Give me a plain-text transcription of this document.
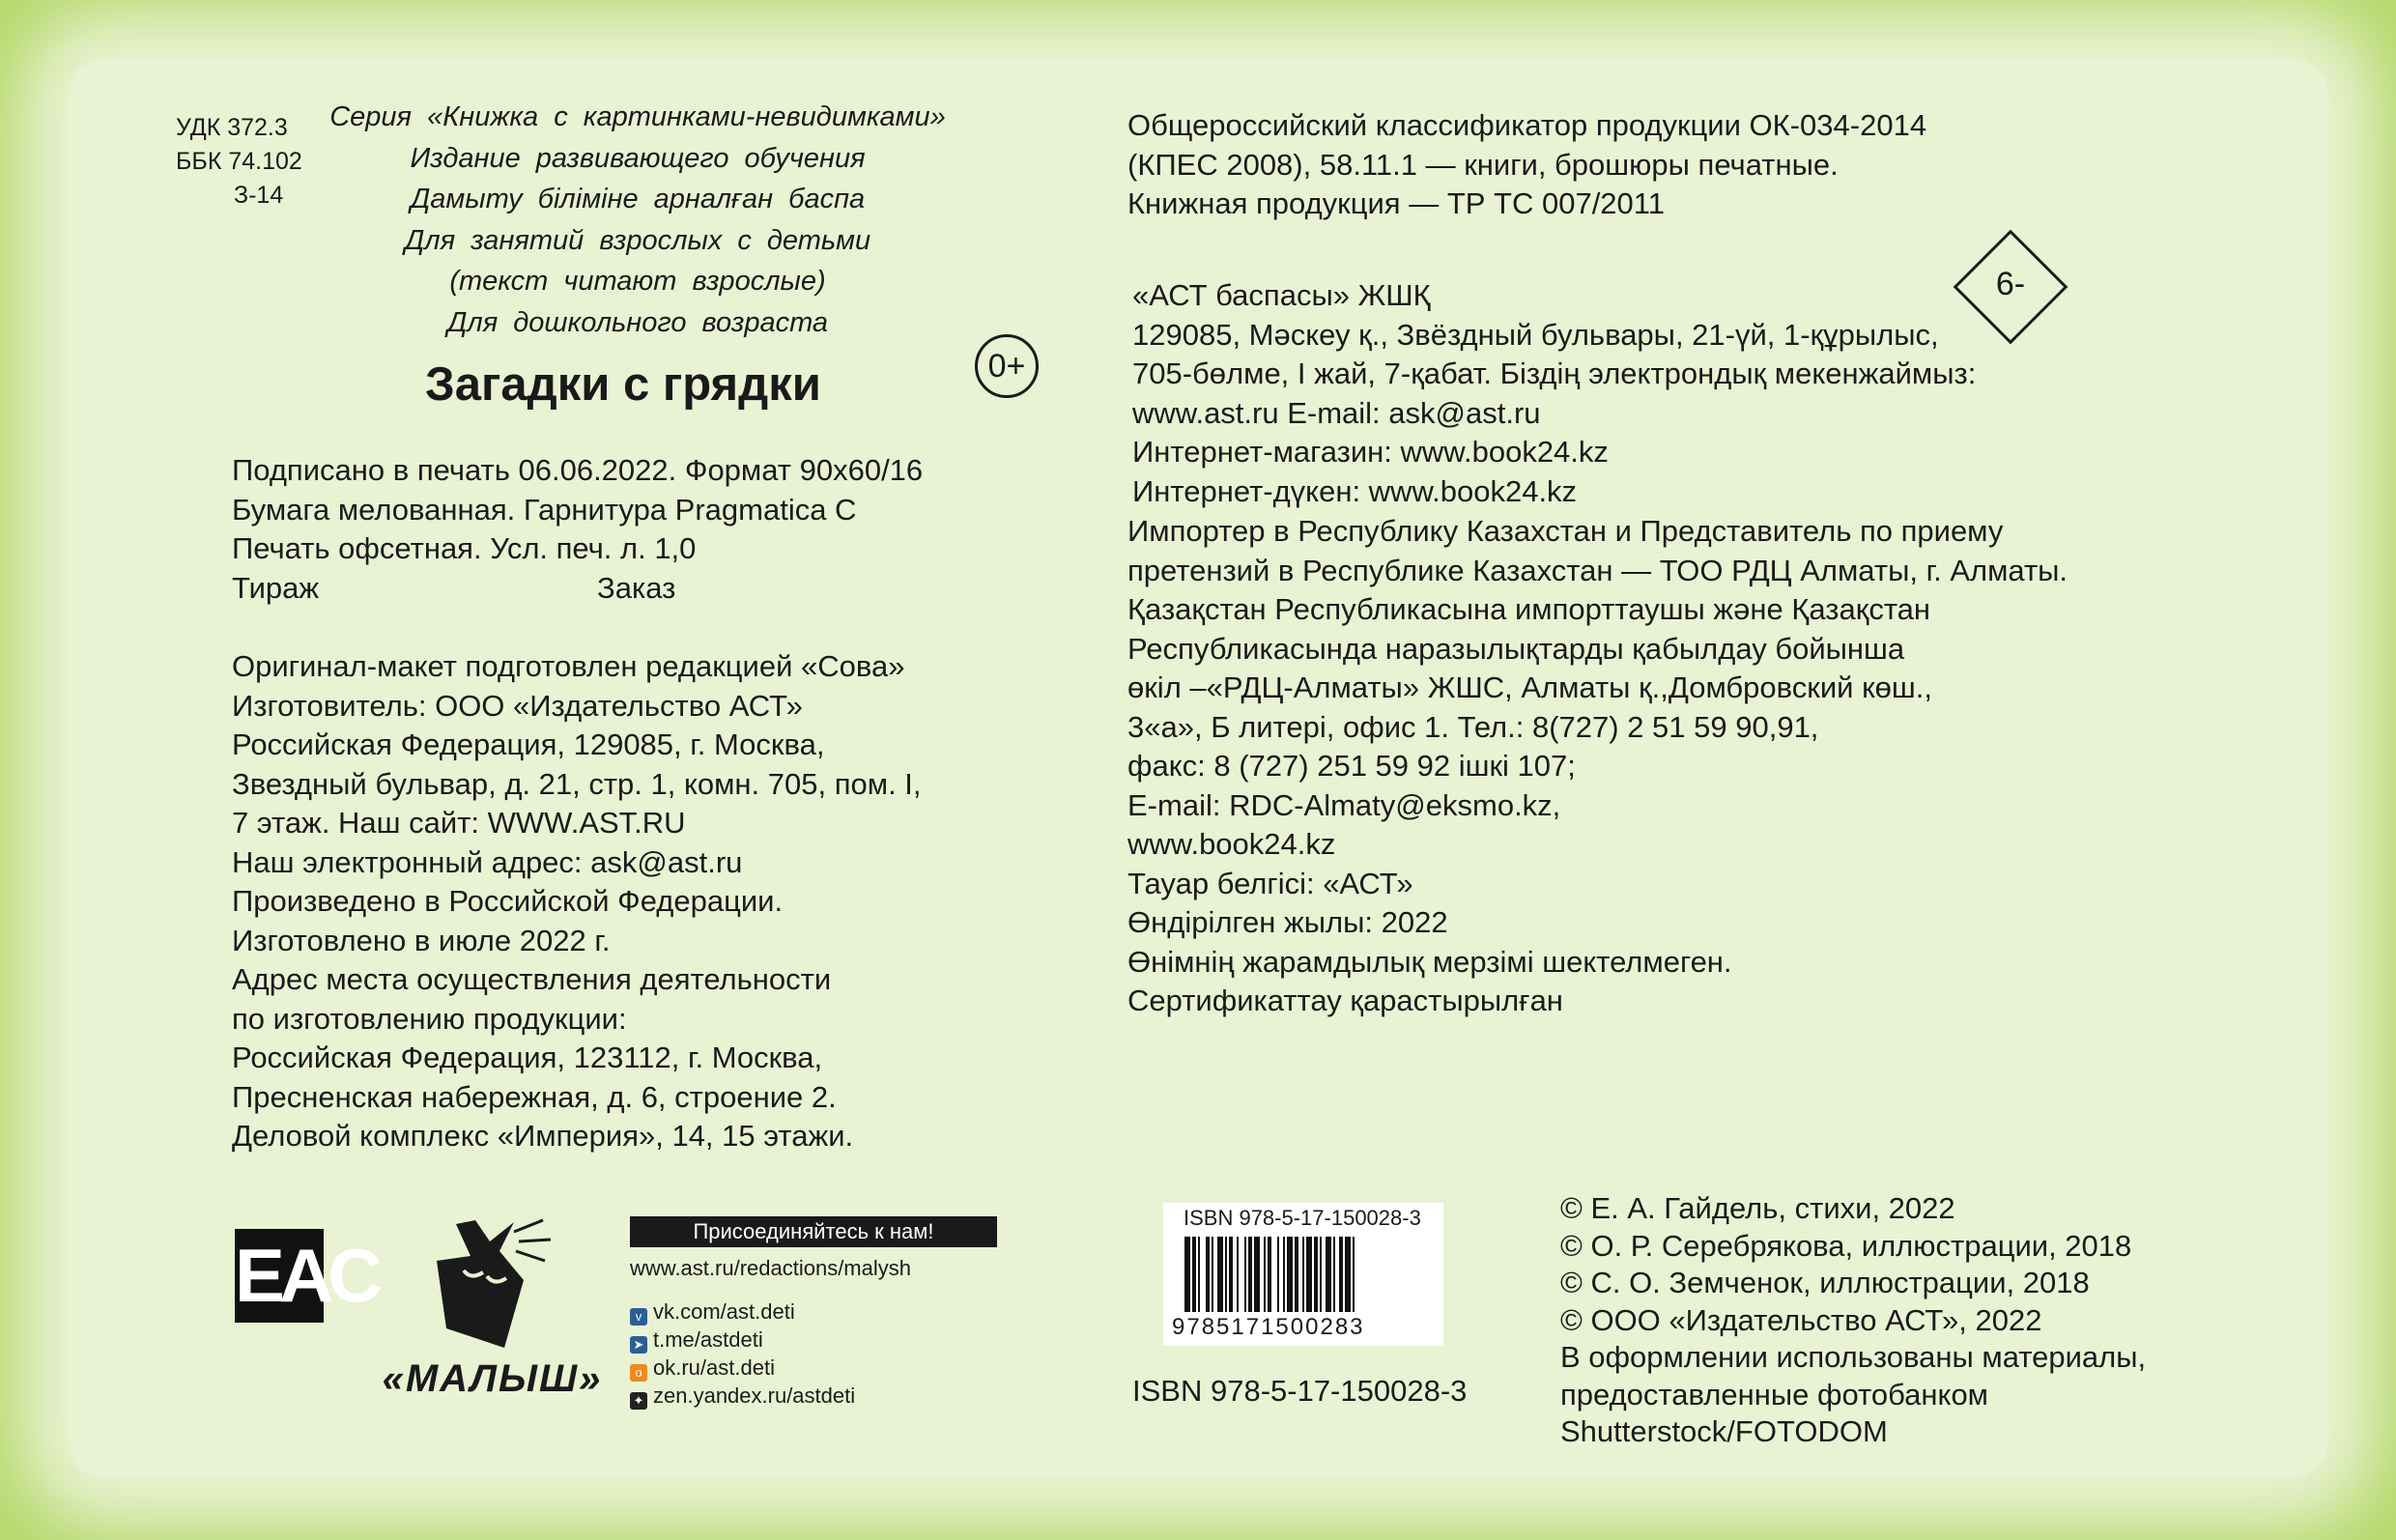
УДК 372.3
ББК 74.102
З-14
Серия «Книжка с картинками-невидимками»
Издание развивающего обучения
Дамыту біліміне арналған баспа
Для занятий взрослых с детьми
(текст читают взрослые)
Для дошкольного возраста
Загадки с грядки	0+
Подписано в печать 06.06.2022. Формат 90х60/16
Бумага мелованная. Гарнитура Pragmatica C
Печать офсетная. Усл. печ. л. 1,0
Тираж	Заказ
Оригинал-макет подготовлен редакцией «Сова»
Изготовитель: ООО «Издательство АСТ»
Российская Федерация, 129085, г. Москва,
Звездный бульвар, д. 21, стр. 1, комн. 705, пом. I,
7 этаж. Наш сайт: WWW.AST.RU
Наш электронный адрес: ask@ast.ru
Произведено в Российской Федерации.
Изготовлено в июле 2022 г.
Адрес места осуществления деятельности
по изготовлению продукции:
Российская Федерация, 123112, г. Москва,
Пресненская набережная, д. 6, строение 2.
Деловой комплекс «Империя», 14, 15 этажи.
Общероссийский классификатор продукции ОК-034-2014
(КПЕС 2008), 58.11.1 — книги, брошюры печатные.
Книжная продукция — ТР ТС 007/2011
6-
«АСТ баспасы» ЖШҚ
129085, Мәскеу қ., Звёздный бульвары, 21-үй, 1-құрылыс,
705-бөлме, I жай, 7-қабат. Біздің электрондық мекенжаймыз:
www.ast.ru E-mail: ask@ast.ru
Интернет-магазин: www.book24.kz
Интернет-дүкен: www.book24.kz
Импортер в Республику Казахстан и Представитель по приему
претензий в Республике Казахстан — ТОО РДЦ Алматы, г. Алматы.
Қазақстан Республикасына импорттаушы және Қазақстан
Республикасында наразылықтарды қабылдау бойынша
өкіл –«РДЦ-Алматы» ЖШС, Алматы қ.,Домбровский көш.,
3«а», Б литері, офис 1. Тел.: 8(727) 2 51 59 90,91,
факс: 8 (727) 251 59 92 ішкі 107;
E-mail: RDC-Almaty@eksmo.kz,
www.book24.kz
Тауар белгісі: «АСТ»
Өндірілген жылы: 2022
Өнімнің жарамдылық мерзімі шектелмеген.
Сертификаттау қарастырылған
EAC
«МАЛЫШ»
Присоединяйтесь к нам!
www.ast.ru/redactions/malysh
v vk.com/ast.deti
➤ t.me/astdeti
o ok.ru/ast.deti
✦ zen.yandex.ru/astdeti
ISBN 978-5-17-150028-3
9785171500283
ISBN 978-5-17-150028-3
© Е. А. Гайдель, стихи, 2022
© О. Р. Серебрякова, иллюстрации, 2018
© С. О. Земченок, иллюстрации, 2018
© ООО «Издательство АСТ», 2022
В оформлении использованы материалы,
предоставленные фотобанком
Shutterstock/FOTODOM
